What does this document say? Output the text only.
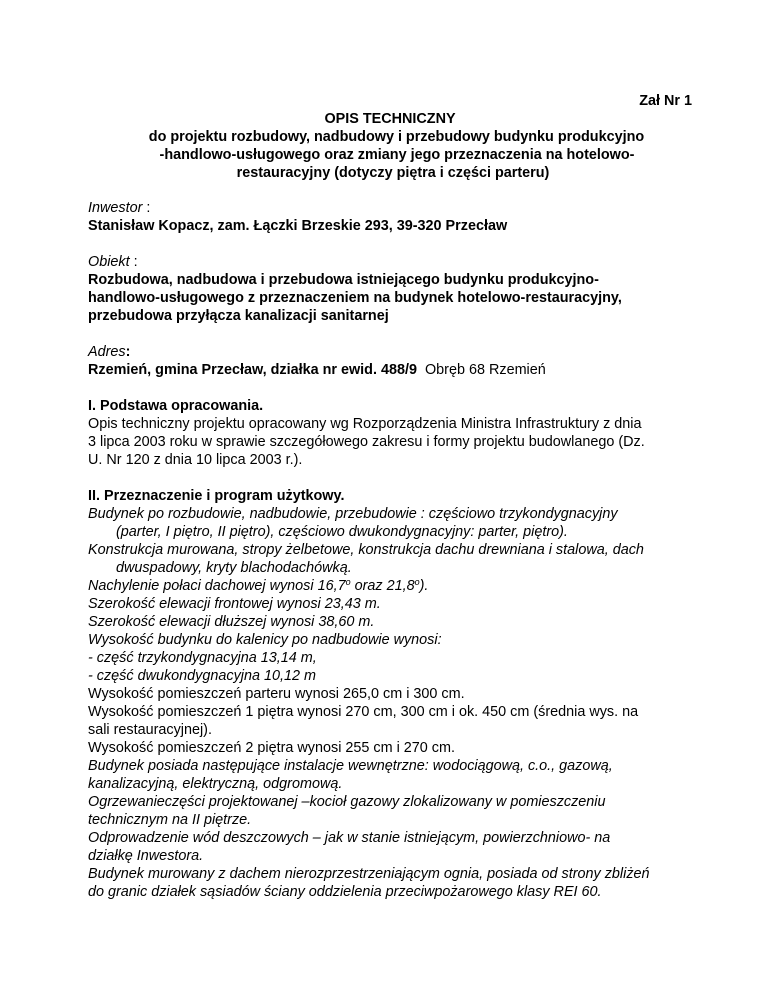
Zał Nr 1

OPIS TECHNICZNY
do projektu rozbudowy, nadbudowy i przebudowy budynku produkcyjno
-handlowo-usługowego oraz zmiany jego przeznaczenia na hotelowo-
restauracyjny (dotyczy piętra i części parteru)

Inwestor :

Stanisław Kopacz, zam. Łączki Brzeskie 293, 39-320 Przecław

Obiekt :

Rozbudowa, nadbudowa i przebudowa istniejącego budynku produkcyjno-

handlowo-usługowego z przeznaczeniem na budynek hotelowo-restauracyjny,

przebudowa przyłącza kanalizacji sanitarnej

Adres:

Rzemień, gmina Przecław, działka nr ewid. 488/9 Obręb 68 Rzemień

I. Podstawa opracowania.

Opis techniczny projektu opracowany wg Rozporządzenia Ministra Infrastruktury z dnia

3 lipca 2003 roku w sprawie szczegółowego zakresu i formy projektu budowlanego (Dz.

U. Nr 120 z dnia 10 lipca 2003 r.).

II. Przeznaczenie i program użytkowy.

Budynek po rozbudowie, nadbudowie, przebudowie : częściowo trzykondygnacyjny

(parter, I piętro, II piętro), częściowo dwukondygnacyjny: parter, piętro).

Konstrukcja murowana, stropy żelbetowe, konstrukcja dachu drewniana i stalowa, dach

dwuspadowy, kryty blachodachówką.

Nachylenie połaci dachowej wynosi 16,7$^o$ oraz 21,8$^o$).

Szerokość elewacji frontowej wynosi 23,43 m.

Szerokość elewacji dłuższej wynosi 38,60 m.

Wysokość budynku do kalenicy po nadbudowie wynosi:

- część trzykondygnacyjna 13,14 m,

- część dwukondygnacyjna 10,12 m

Wysokość pomieszczeń parteru wynosi 265,0 cm i 300 cm.

Wysokość pomieszczeń 1 piętra wynosi 270 cm, 300 cm i ok. 450 cm (średnia wys. na

sali restauracyjnej).

Wysokość pomieszczeń 2 piętra wynosi 255 cm i 270 cm.

Budynek posiada następujące instalacje wewnętrzne: wodociągową, c.o., gazową,

kanalizacyjną, elektryczną, odgromową.

Ogrzewanieczęści projektowanej –kocioł gazowy zlokalizowany w pomieszczeniu

technicznym na II piętrze.

Odprowadzenie wód deszczowych – jak w stanie istniejącym, powierzchniowo- na

działkę Inwestora.

Budynek murowany z dachem nierozprzestrzeniającym ognia, posiada od strony zbliżeń

do granic działek sąsiadów ściany oddzielenia przeciwpożarowego klasy REI 60.
